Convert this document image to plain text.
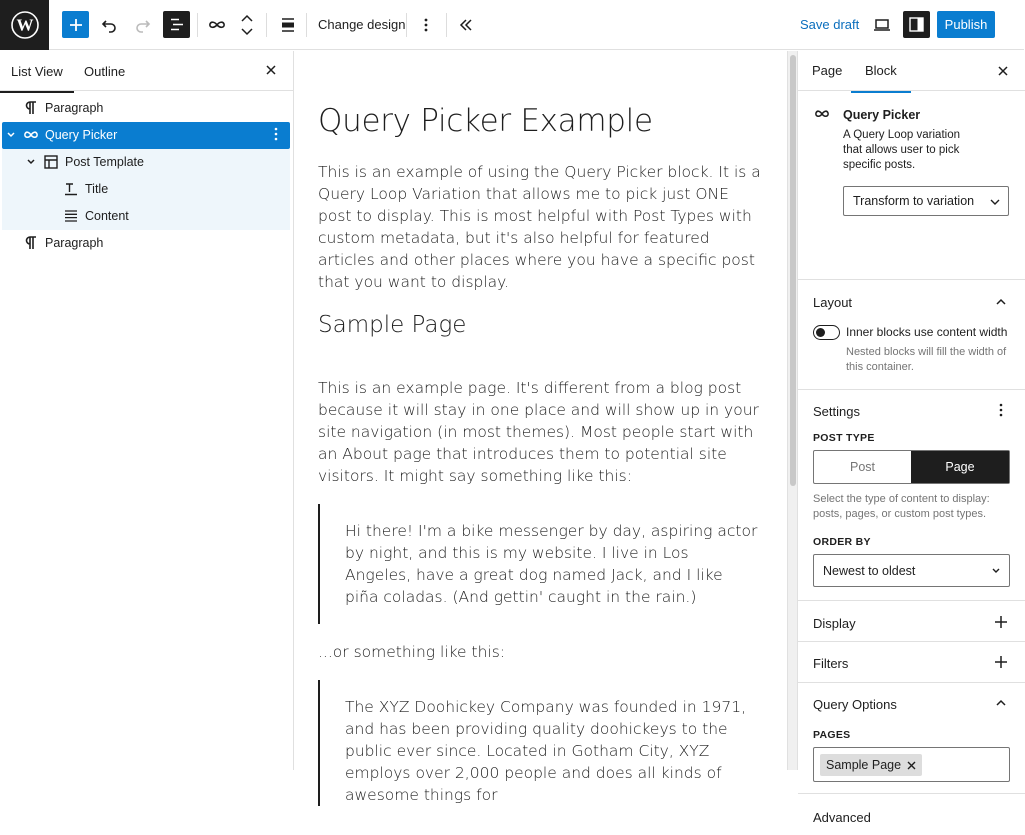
W	Change design	Save draft	Publish
List View Outline
Paragraph
Query Picker
Post Template
Title
Content
Paragraph
Query Picker Example
This is an example of using the Query Picker block. It is a Query Loop Variation that allows me to pick just ONE post to display. This is most helpful with Post Types with custom metadata, but it's also helpful for featured articles and other places where you have a specific post that you want to display.
Sample Page
This is an example page. It's different from a blog post because it will stay in one place and will show up in your site navigation (in most themes). Most people start with an About page that introduces them to potential site visitors. It might say something like this:
Hi there! I'm a bike messenger by day, aspiring actor by night, and this is my website. I live in Los Angeles, have a great dog named Jack, and I like piña coladas. (And gettin' caught in the rain.)
...or something like this:
The XYZ Doohickey Company was founded in 1971, and has been providing quality doohickeys to the public ever since. Located in Gotham City, XYZ employs over 2,000 people and does all kinds of awesome things for
Page Block
Query Picker
A Query Loop variation that allows user to pick specific posts.
Transform to variation
Layout
Inner blocks use content width
Nested blocks will fill the width of this container.
Settings
POST TYPE
Post	Page
Select the type of content to display: posts, pages, or custom post types.
ORDER BY
Newest to oldest
Display
Filters
Query Options
PAGES
Sample Page
Advanced
